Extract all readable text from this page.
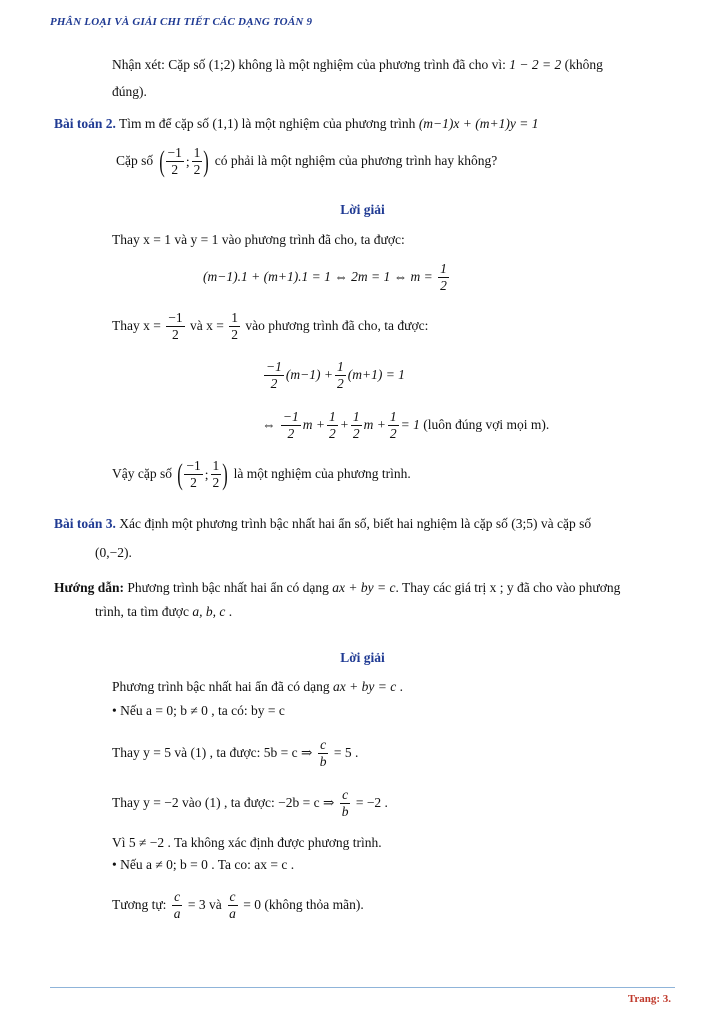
PHÂN LOẠI VÀ GIẢI CHI TIẾT CÁC DẠNG TOÁN 9
Nhận xét: Cặp số (1;2) không là một nghiệm của phương trình đã cho vì: 1 − 2 = 2 (không
đúng).
Bài toán 2. Tìm m để cặp số (1,1) là một nghiệm của phương trình (m−1)x + (m+1)y = 1
Cặp số ( $\frac{-1}{2}$ ; $\frac{1}{2}$ ) có phải là một nghiệm của phương trình hay không?
Lời giải
Thay x = 1 và y = 1 vào phương trình đã cho, ta được:
(m−1).1 + (m+1).1 = 1 ⇔ 2m = 1 ⇔ $m = \frac{1}{2}$
Thay $x = \frac{-1}{2}$ và $x = \frac{1}{2}$ vào phương trình đã cho, ta được:
$\frac{-1}{2} (m-1) + \frac{1}{2} (m+1) = 1$
⇔ $\frac{-1}{2}$ $m + \frac{1}{2} + \frac{1}{2}$ $m + \frac{1}{2} = 1$ (luôn đúng vợi mọi m).
Vậy cặp số ( $\frac{-1}{2}$ ; $\frac{1}{2}$ ) là một nghiệm của phương trình.
Bài toán 3. Xác định một phương trình bậc nhất hai ẩn số, biết hai nghiệm là cặp số (3;5) và cặp số
(0,−2).
Hướng dẫn: Phương trình bậc nhất hai ẩn có dạng ax + by = c. Thay các giá trị x ; y đã cho vào phương
trình, ta tìm được a, b, c .
Lời giải
Phương trình bậc nhất hai ẩn đã có dạng ax + by = c .
• Nếu a = 0; b ≠ 0 , ta có: by = c
Thay y = 5 và (1) , ta được: 5b = c ⇒ $\frac{c}{b} = 5$ .
Thay y = −2 vào (1) , ta được: −2b = c ⇒ $\frac{c}{b} = -2$ .
Vì 5 ≠ −2 . Ta không xác định được phương trình.
• Nếu a ≠ 0; b = 0 . Ta co: ax = c .
Tương tự: $\frac{c}{a} = 3$ và $\frac{c}{a} = 0$ (không thỏa mãn).
Trang: 3.
